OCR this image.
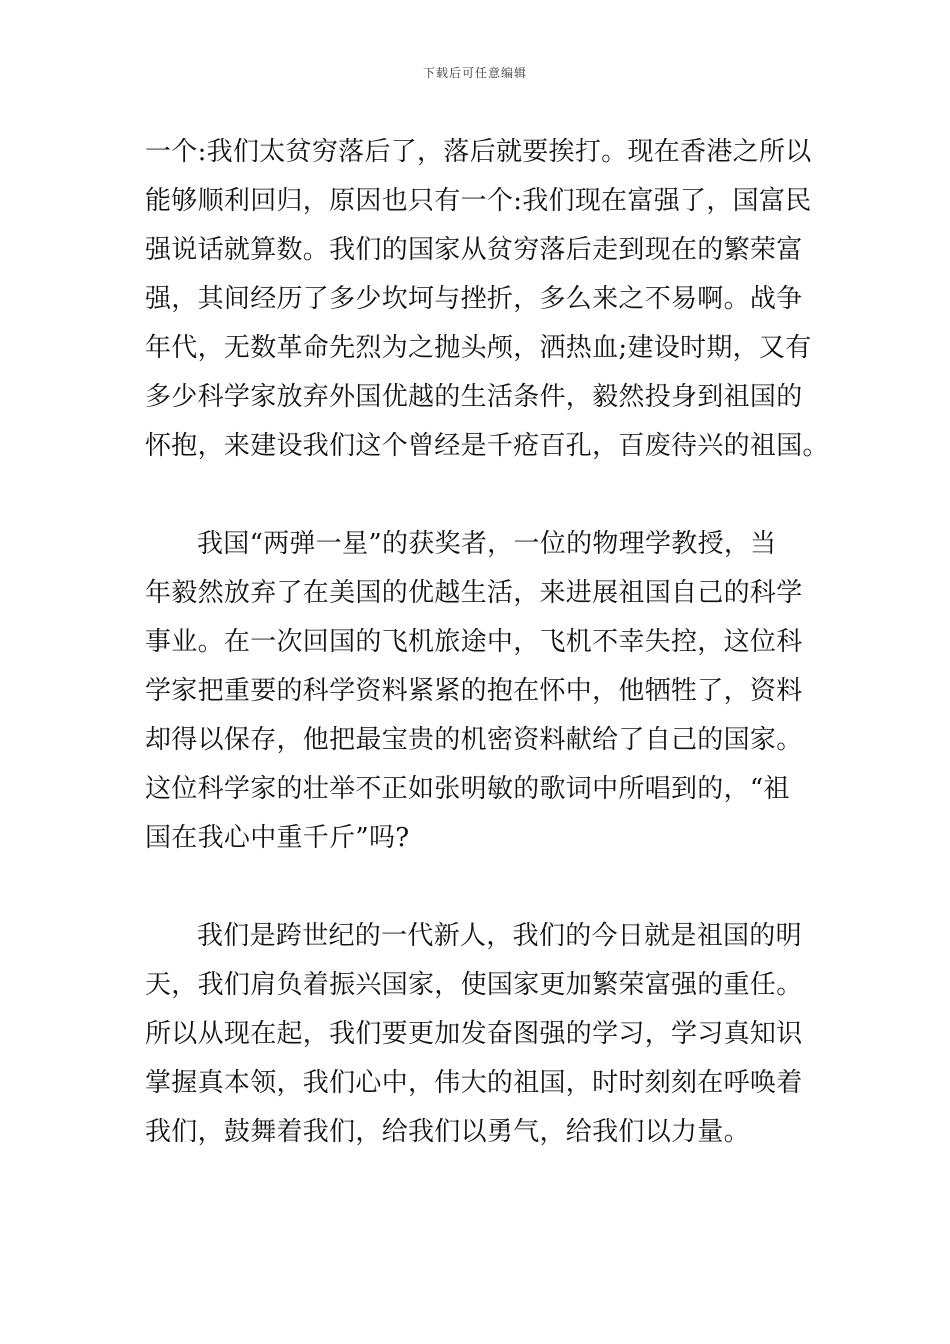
下载后可任意编辑
一个:我们太贫穷落后了，落后就要挨打。现在香港之所以
能够顺利回归，原因也只有一个:我们现在富强了，国富民
强说话就算数。我们的国家从贫穷落后走到现在的繁荣富
强，其间经历了多少坎坷与挫折，多么来之不易啊。战争
年代，无数革命先烈为之抛头颅，洒热血;建设时期，又有
多少科学家放弃外国优越的生活条件，毅然投身到祖国的
怀抱，来建设我们这个曾经是千疮百孔，百废待兴的祖国。
我国“两弹一星”的获奖者，一位的物理学教授，当
年毅然放弃了在美国的优越生活，来进展祖国自己的科学
事业。在一次回国的飞机旅途中，飞机不幸失控，这位科
学家把重要的科学资料紧紧的抱在怀中，他牺牲了，资料
却得以保存，他把最宝贵的机密资料献给了自己的国家。
这位科学家的壮举不正如张明敏的歌词中所唱到的，“祖
国在我心中重千斤”吗?
我们是跨世纪的一代新人，我们的今日就是祖国的明
天，我们肩负着振兴国家，使国家更加繁荣富强的重任。
所以从现在起，我们要更加发奋图强的学习，学习真知识
掌握真本领，我们心中，伟大的祖国，时时刻刻在呼唤着
我们，鼓舞着我们，给我们以勇气，给我们以力量。
